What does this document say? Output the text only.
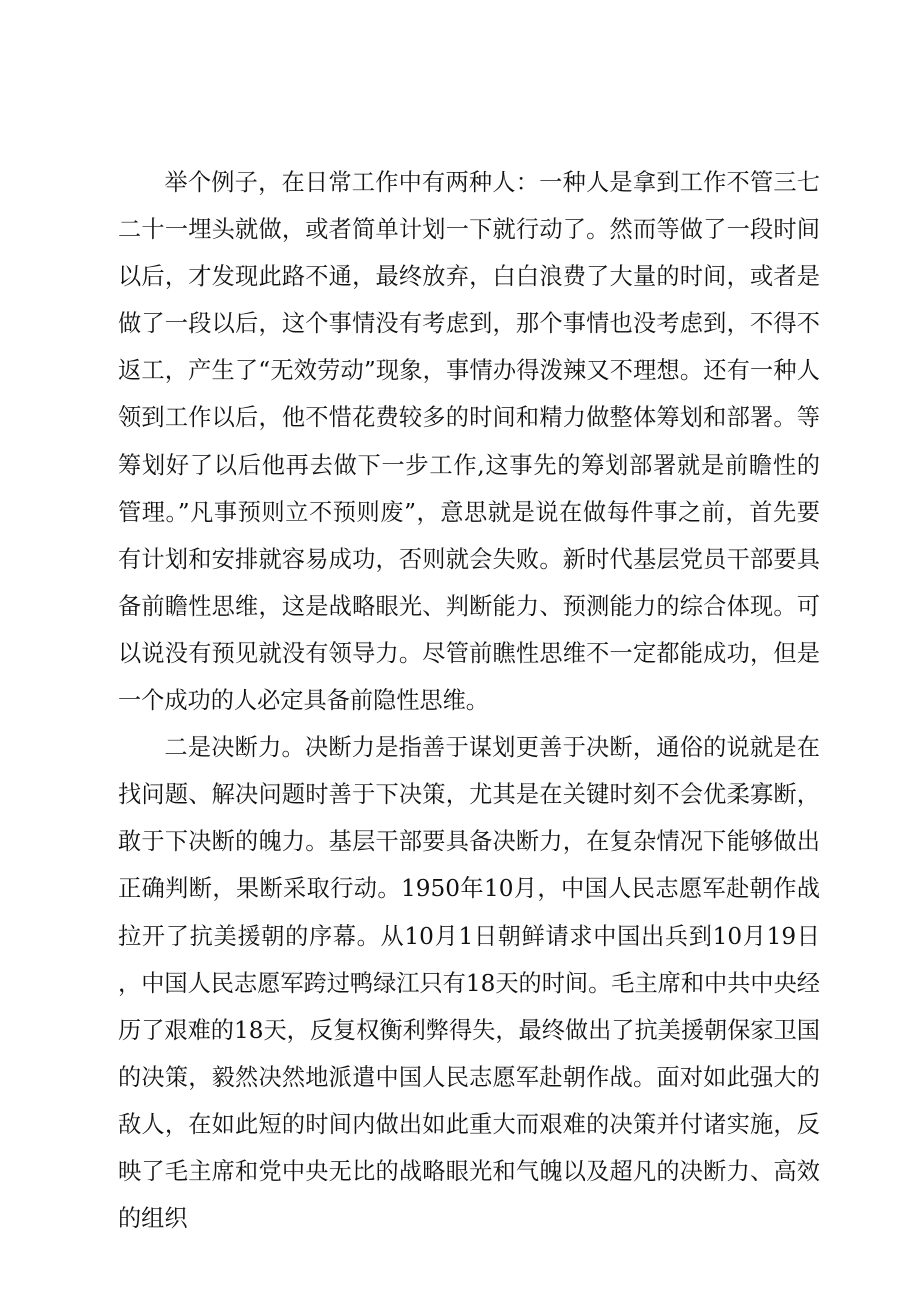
举个例子，在日常工作中有两种人：一种人是拿到工作不管三七二十一埋头就做，或者简单计划一下就行动了。然而等做了一段时间以后，才发现此路不通，最终放弃，白白浪费了大量的时间，或者是做了一段以后，这个事情没有考虑到，那个事情也没考虑到，不得不返工，产生了“无效劳动”现象，事情办得泼辣又不理想。还有一种人领到工作以后，他不惜花费较多的时间和精力做整体筹划和部署。等筹划好了以后他再去做下一步工作,这事先的筹划部署就是前瞻性的管理。”凡事预则立不预则废”，意思就是说在做每件事之前，首先要有计划和安排就容易成功，否则就会失败。新时代基层党员干部要具备前瞻性思维，这是战略眼光、判断能力、预测能力的综合体现。可以说没有预见就没有领导力。尽管前瞧性思维不一定都能成功，但是一个成功的人必定具备前隐性思维。

二是决断力。决断力是指善于谋划更善于决断，通俗的说就是在找问题、解决问题时善于下决策，尤其是在关键时刻不会优柔寡断，敢于下决断的魄力。基层干部要具备决断力，在复杂情况下能够做出正确判断，果断采取行动。1950年10月，中国人民志愿军赴朝作战拉开了抗美援朝的序幕。从10月1日朝鲜请求中国出兵到10月19日，中国人民志愿军跨过鸭绿江只有18天的时间。毛主席和中共中央经历了艰难的18天，反复权衡利弊得失，最终做出了抗美援朝保家卫国的决策，毅然决然地派遣中国人民志愿军赴朝作战。面对如此强大的敌人，在如此短的时间内做出如此重大而艰难的决策并付诸实施，反映了毛主席和党中央无比的战略眼光和气魄以及超凡的决断力、高效的组织
